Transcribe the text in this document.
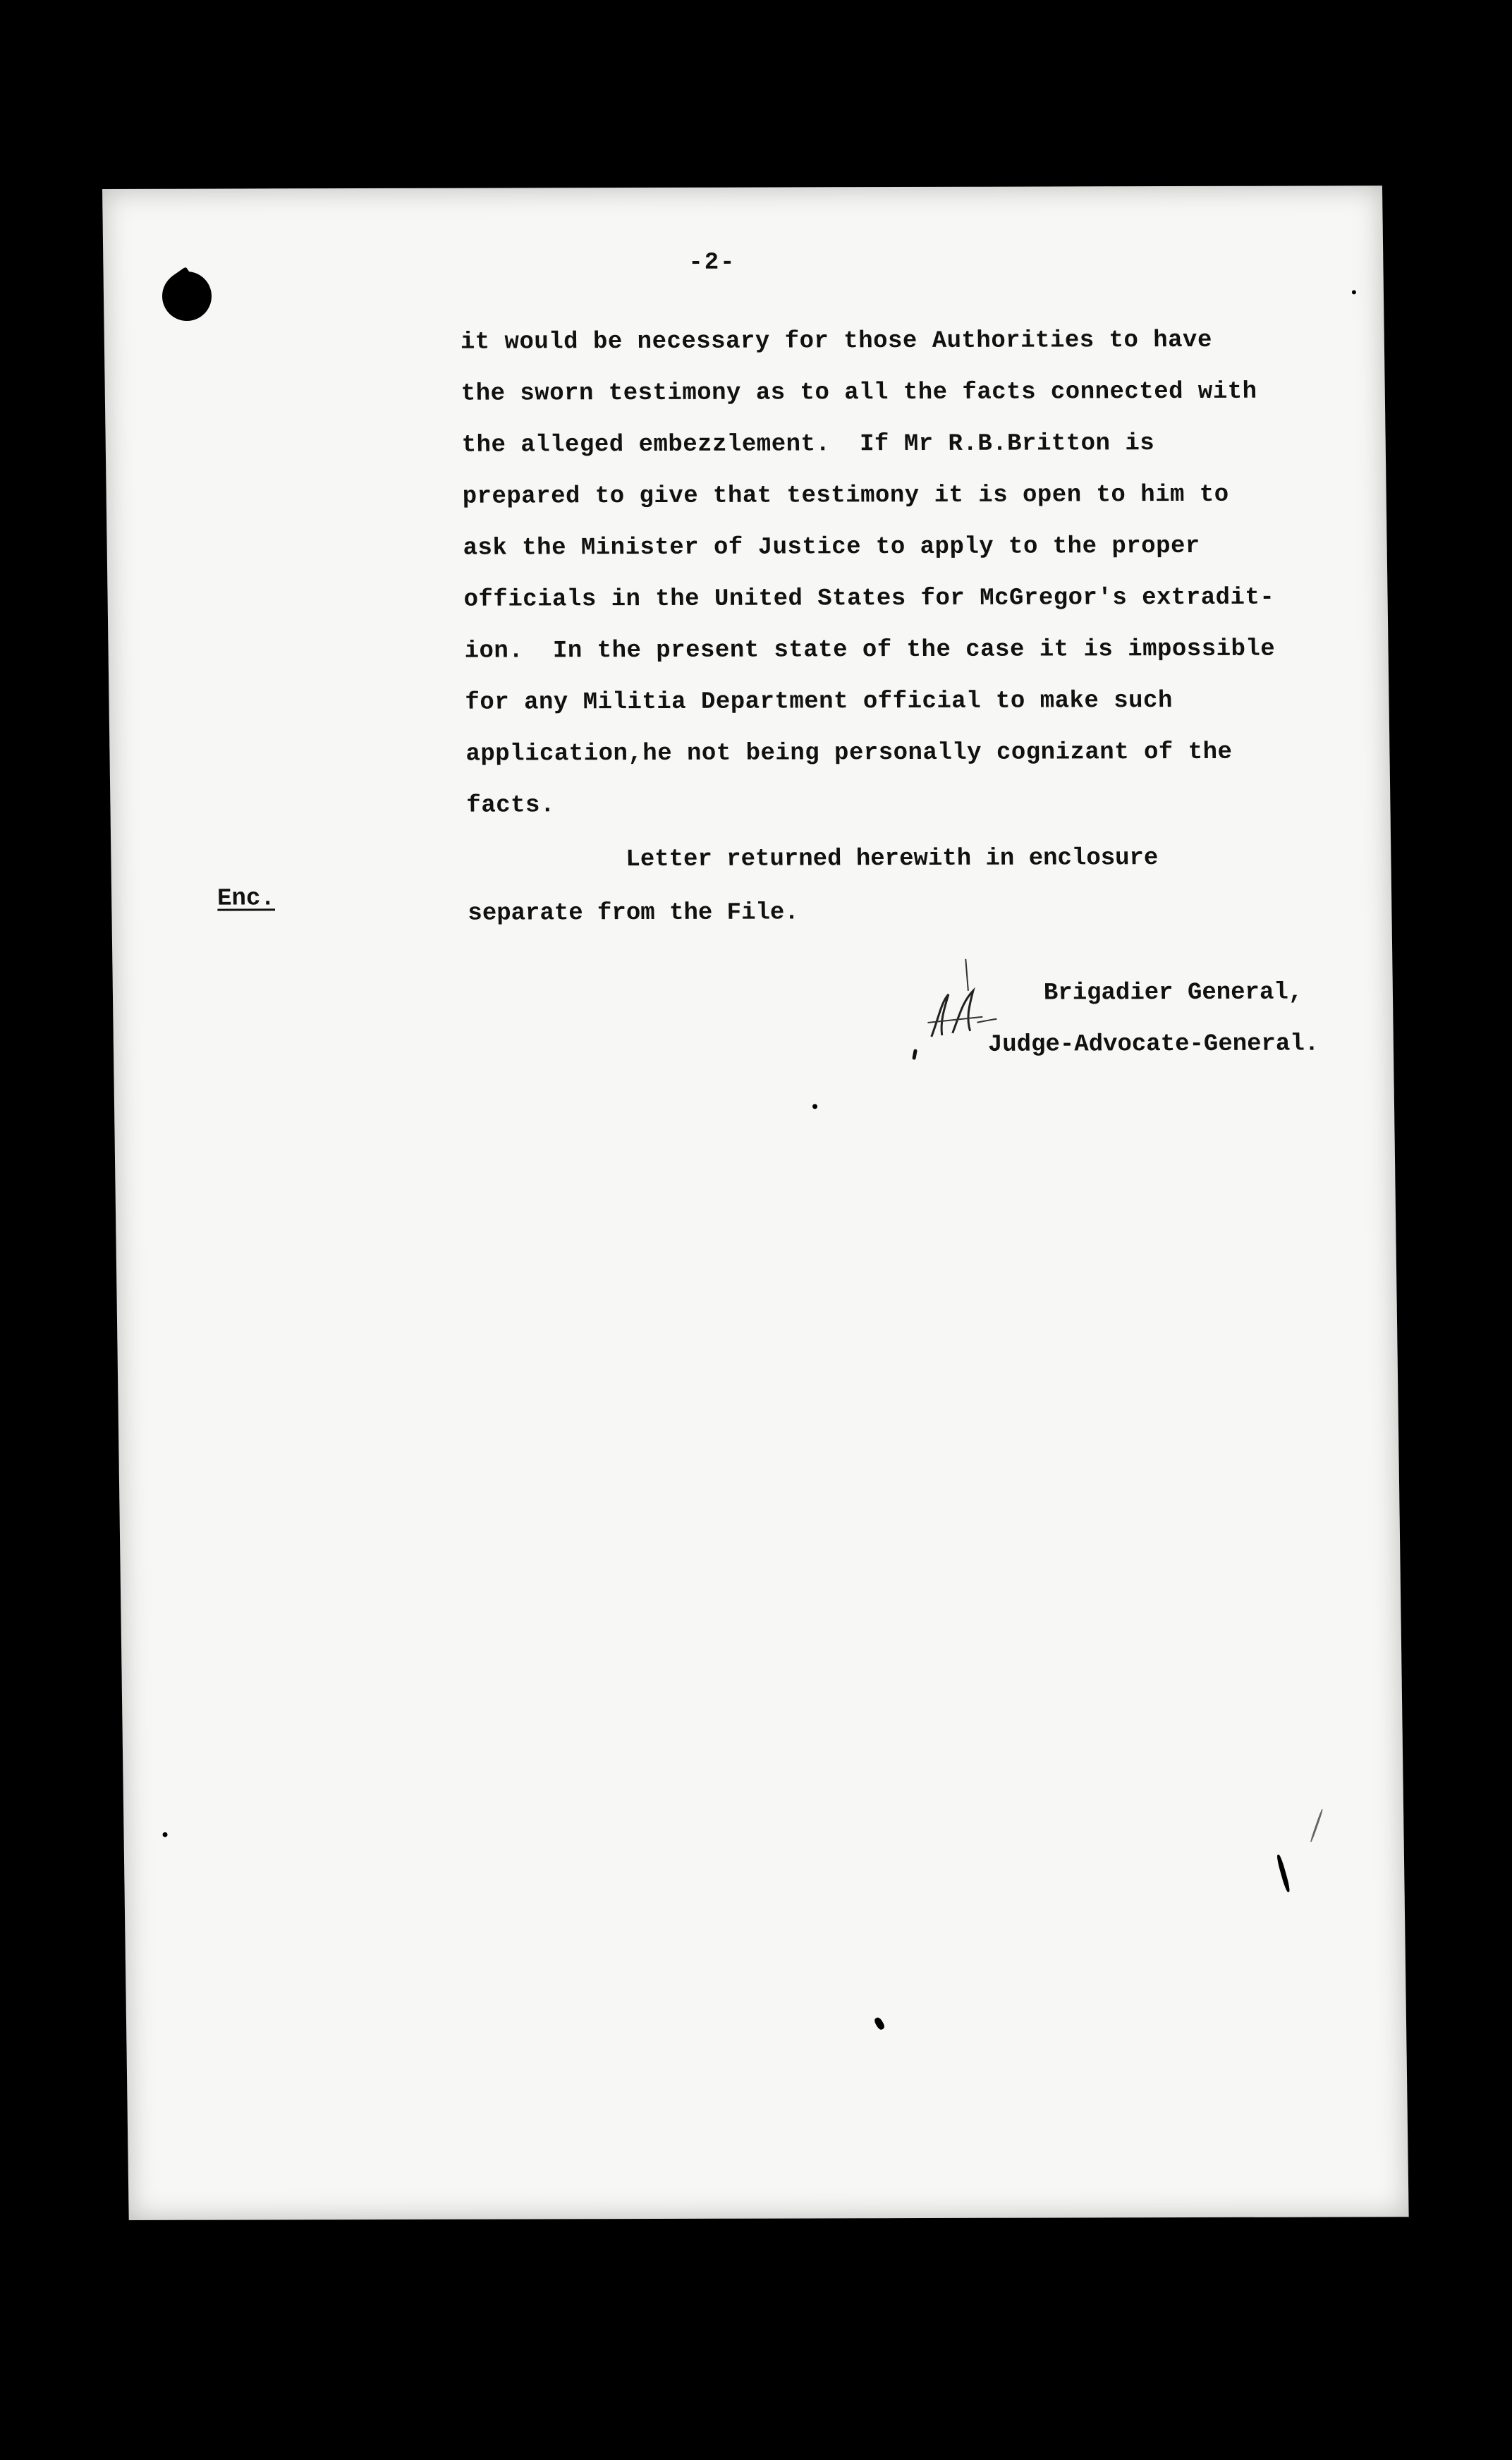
-2-
it would be necessary for those Authorities to have
the sworn testimony as to all the facts connected with
the alleged embezzlement.  If Mr R.B.Britton is
prepared to give that testimony it is open to him to
ask the Minister of Justice to apply to the proper
officials in the United States for McGregor's extradit-
ion.  In the present state of the case it is impossible
for any Militia Department official to make such
application,he not being personally cognizant of the
facts.
Letter returned herewith in enclosure
separate from the File.
Enc.
Brigadier General,
Judge-Advocate-General.
